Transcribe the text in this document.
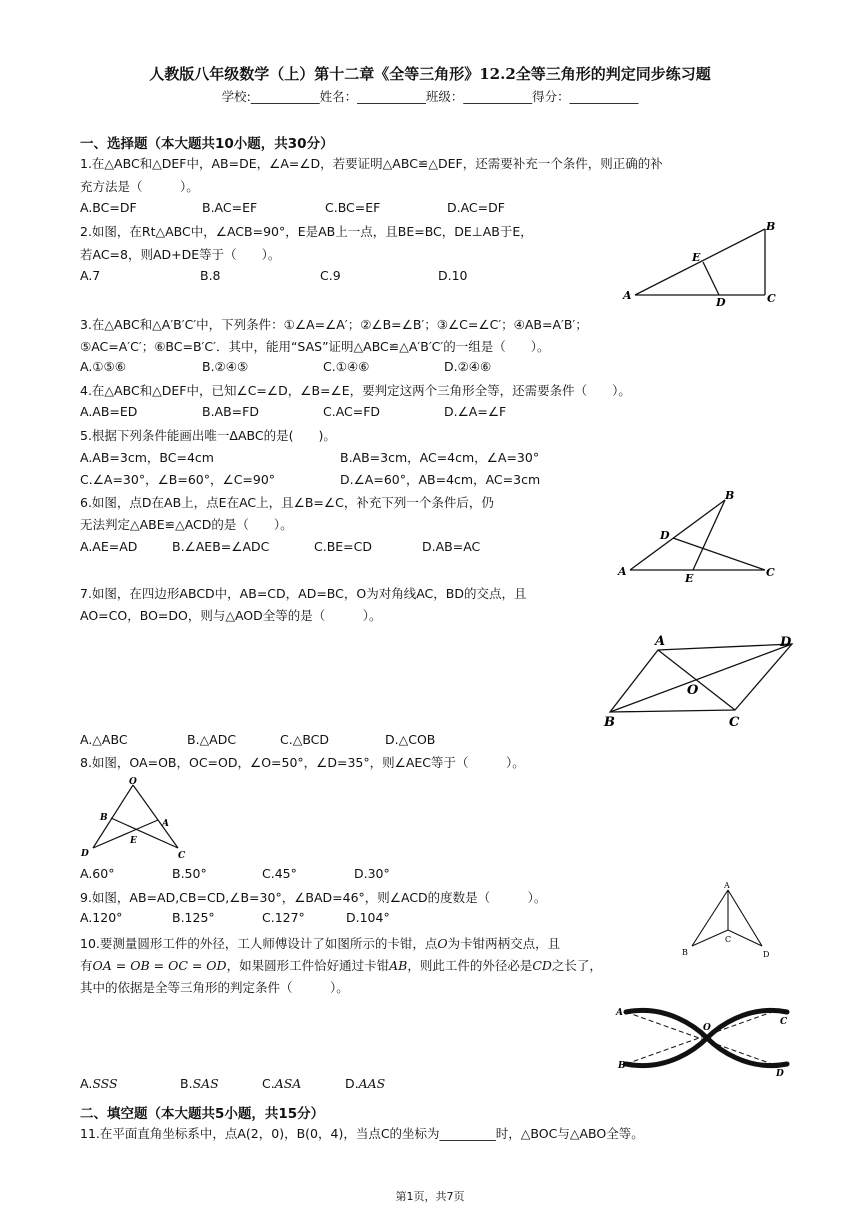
人教版八年级数学（上）第十二章《全等三角形》12.2全等三角形的判定同步练习题
学校:___________姓名：___________班级：___________得分：___________
一、选择题（本大题共10小题，共30分）
1.在△ABC和△DEF中，AB=DE，∠A=∠D，若要证明△ABC≌△DEF，还需要补充一个条件，则正确的补
充方法是（　　　）。
A.BC=DF	B.AC=EF	C.BC=EF	D.AC=DF
2.如图，在Rt△ABC中，∠ACB=90°，E是AB上一点，且BE=BC，DE⊥AB于E，
若AC=8，则AD+DE等于（　　）。
A.7	B.8	C.9	D.10
A
B
C
D
E
3.在△ABC和△A′B′C′中，下列条件：①∠A=∠A′；②∠B=∠B′；③∠C=∠C′；④AB=A′B′；
⑤AC=A′C′；⑥BC=B′C′．其中，能用“SAS”证明△ABC≌△A′B′C′的一组是（　　）。
A.①⑤⑥	B.②④⑤	C.①④⑥	D.②④⑥
4.在△ABC和△DEF中，已知∠C=∠D，∠B=∠E，要判定这两个三角形全等，还需要条件（　　）。
A.AB=ED	B.AB=FD	C.AC=FD	D.∠A=∠F
5.根据下列条件能画出唯一ΔABC的是(　　)。
A.AB=3cm，BC=4cm	B.AB=3cm，AC=4cm，∠A=30°
C.∠A=30°，∠B=60°，∠C=90°	D.∠A=60°，AB=4cm，AC=3cm
6.如图，点D在AB上，点E在AC上，且∠B=∠C，补充下列一个条件后，仍
无法判定△ABE≌△ACD的是（　　）。
A.AE=AD	B.∠AEB=∠ADC	C.BE=CD	D.AB=AC
A
B
C
D
E
7.如图，在四边形ABCD中，AB=CD，AD=BC，O为对角线AC，BD的交点，且
AO=CO，BO=DO，则与△AOD全等的是（　　　）。
A
B	C
D
O
A.△ABC	B.△ADC	C.△BCD	D.△COB
8.如图，OA=OB，OC=OD，∠O=50°，∠D=35°，则∠AEC等于（　　　）。
O
B
A
E
D	C
A.60°	B.50°	C.45°	D.30°
9.如图，AB=AD,CB=CD,∠B=30°，∠BAD=46°，则∠ACD的度数是（　　　）。
A.120°	B.125°	C.127°	D.104°
A
B
C
D
10.要测量圆形工件的外径，工人师傅设计了如图所示的卡钳，点O为卡钳两柄交点，且
有OA = OB = OC = OD，如果圆形工件恰好通过卡钳AB，则此工件的外径必是CD之长了，
其中的依据是全等三角形的判定条件（　　　）。
A
B
C
D
O
A.SSS	B.SAS	C.ASA	D.AAS
二、填空题（本大题共5小题，共15分）
11.在平面直角坐标系中，点A(2，0)，B(0，4)，当点C的坐标为_________时，△BOC与△ABO全等。
第1页，共7页
